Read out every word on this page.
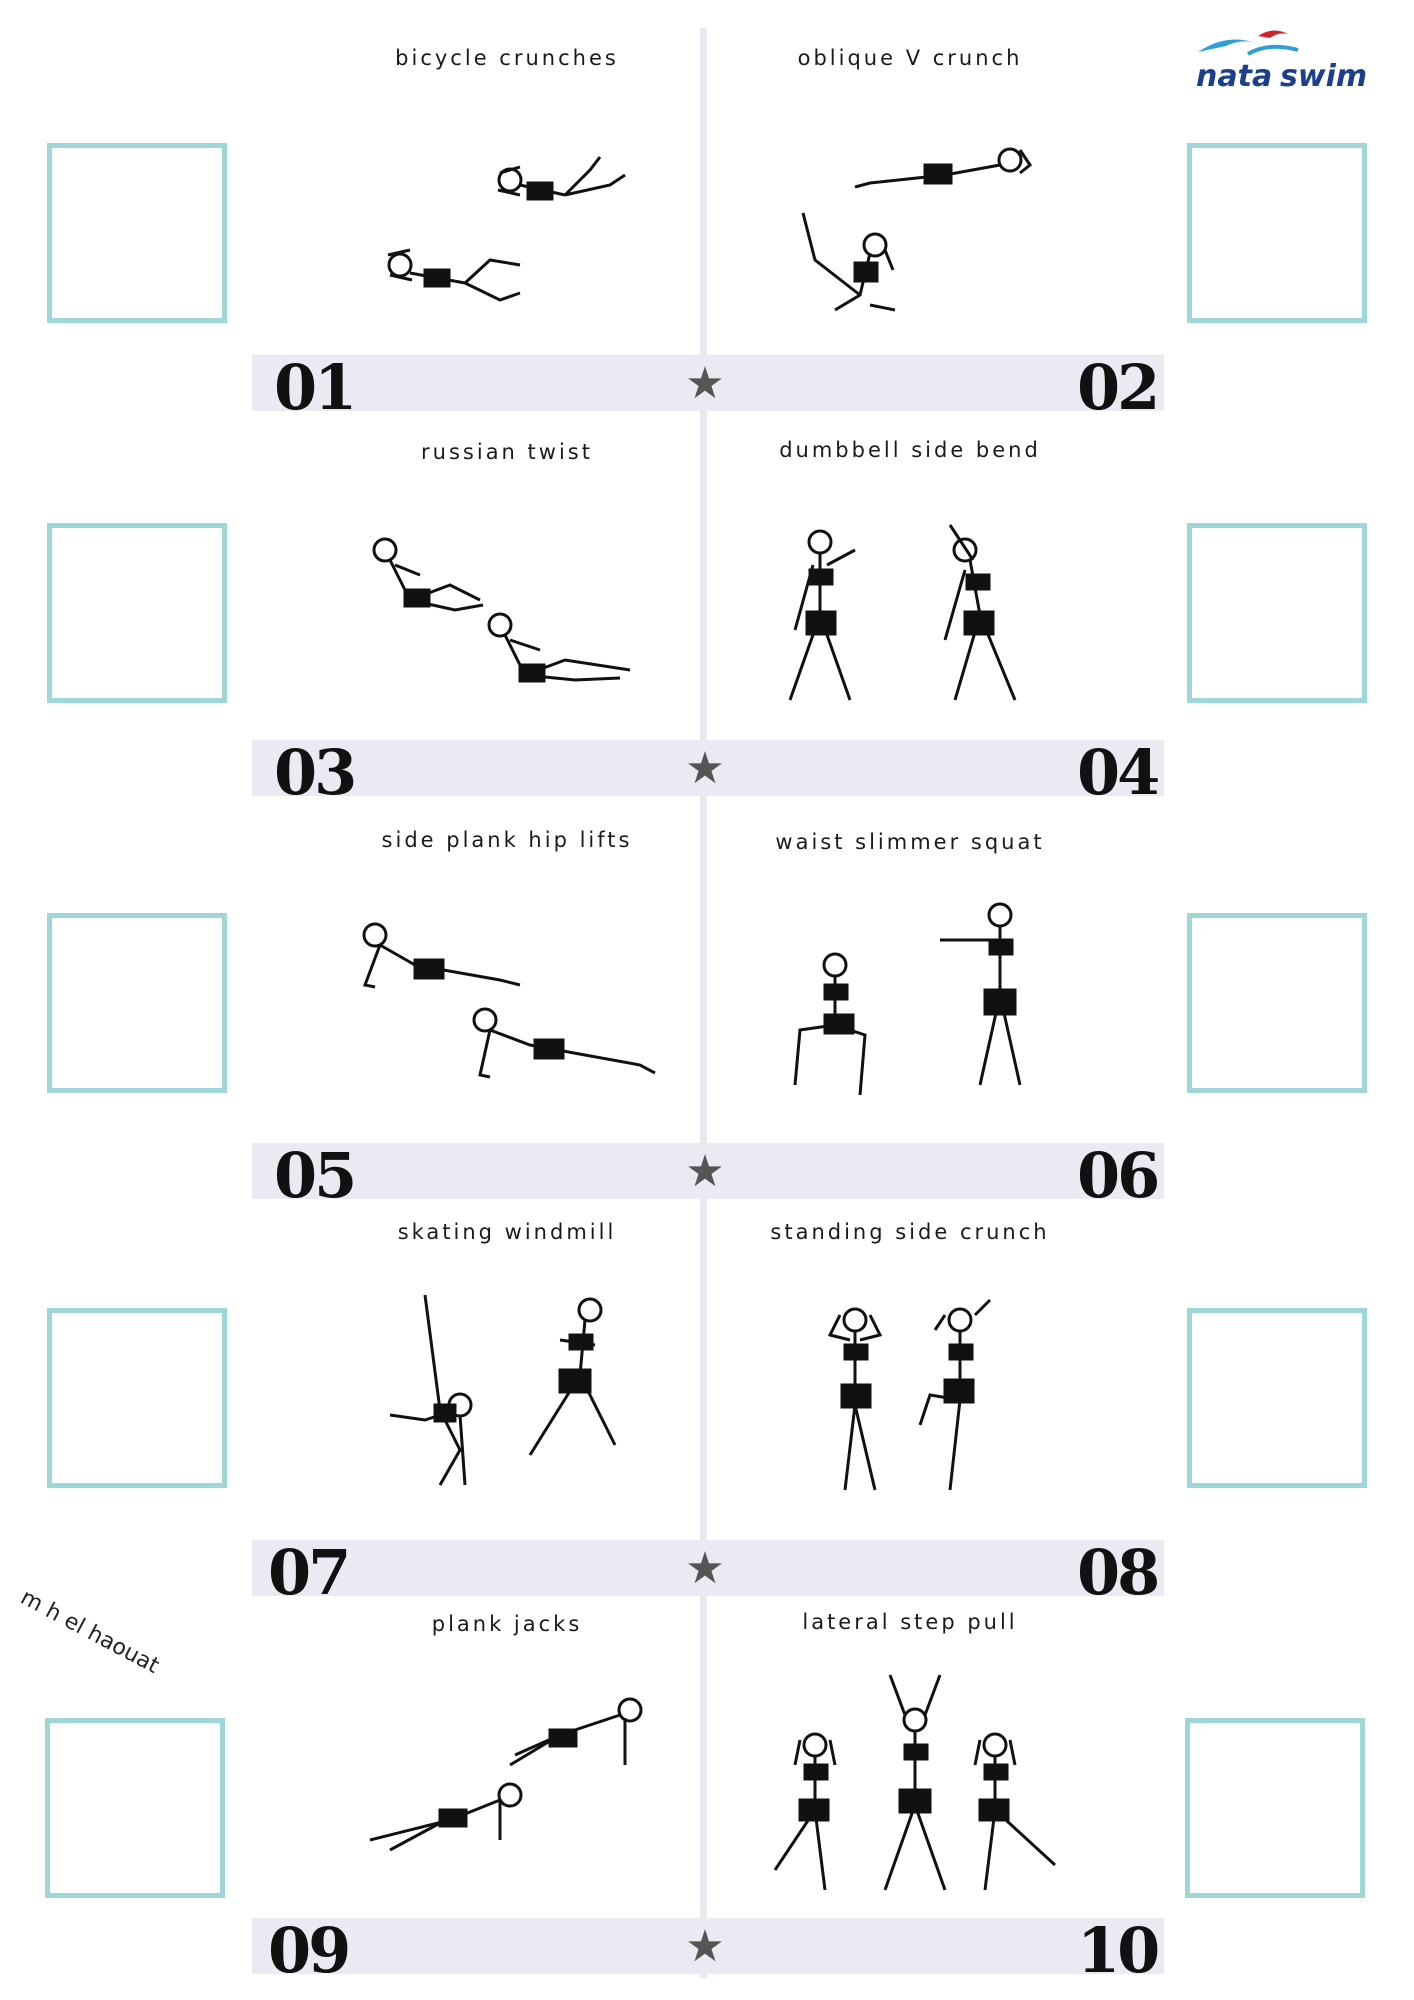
nata swim
bicycle crunches	oblique V crunch
01	02
★
russian twist	dumbbell side bend
03	04
★
side plank hip lifts	waist slimmer squat
05	06
★
skating windmill	standing side crunch
07	08
★
m h el haouat	plank jacks	lateral step pull
09	10
★
